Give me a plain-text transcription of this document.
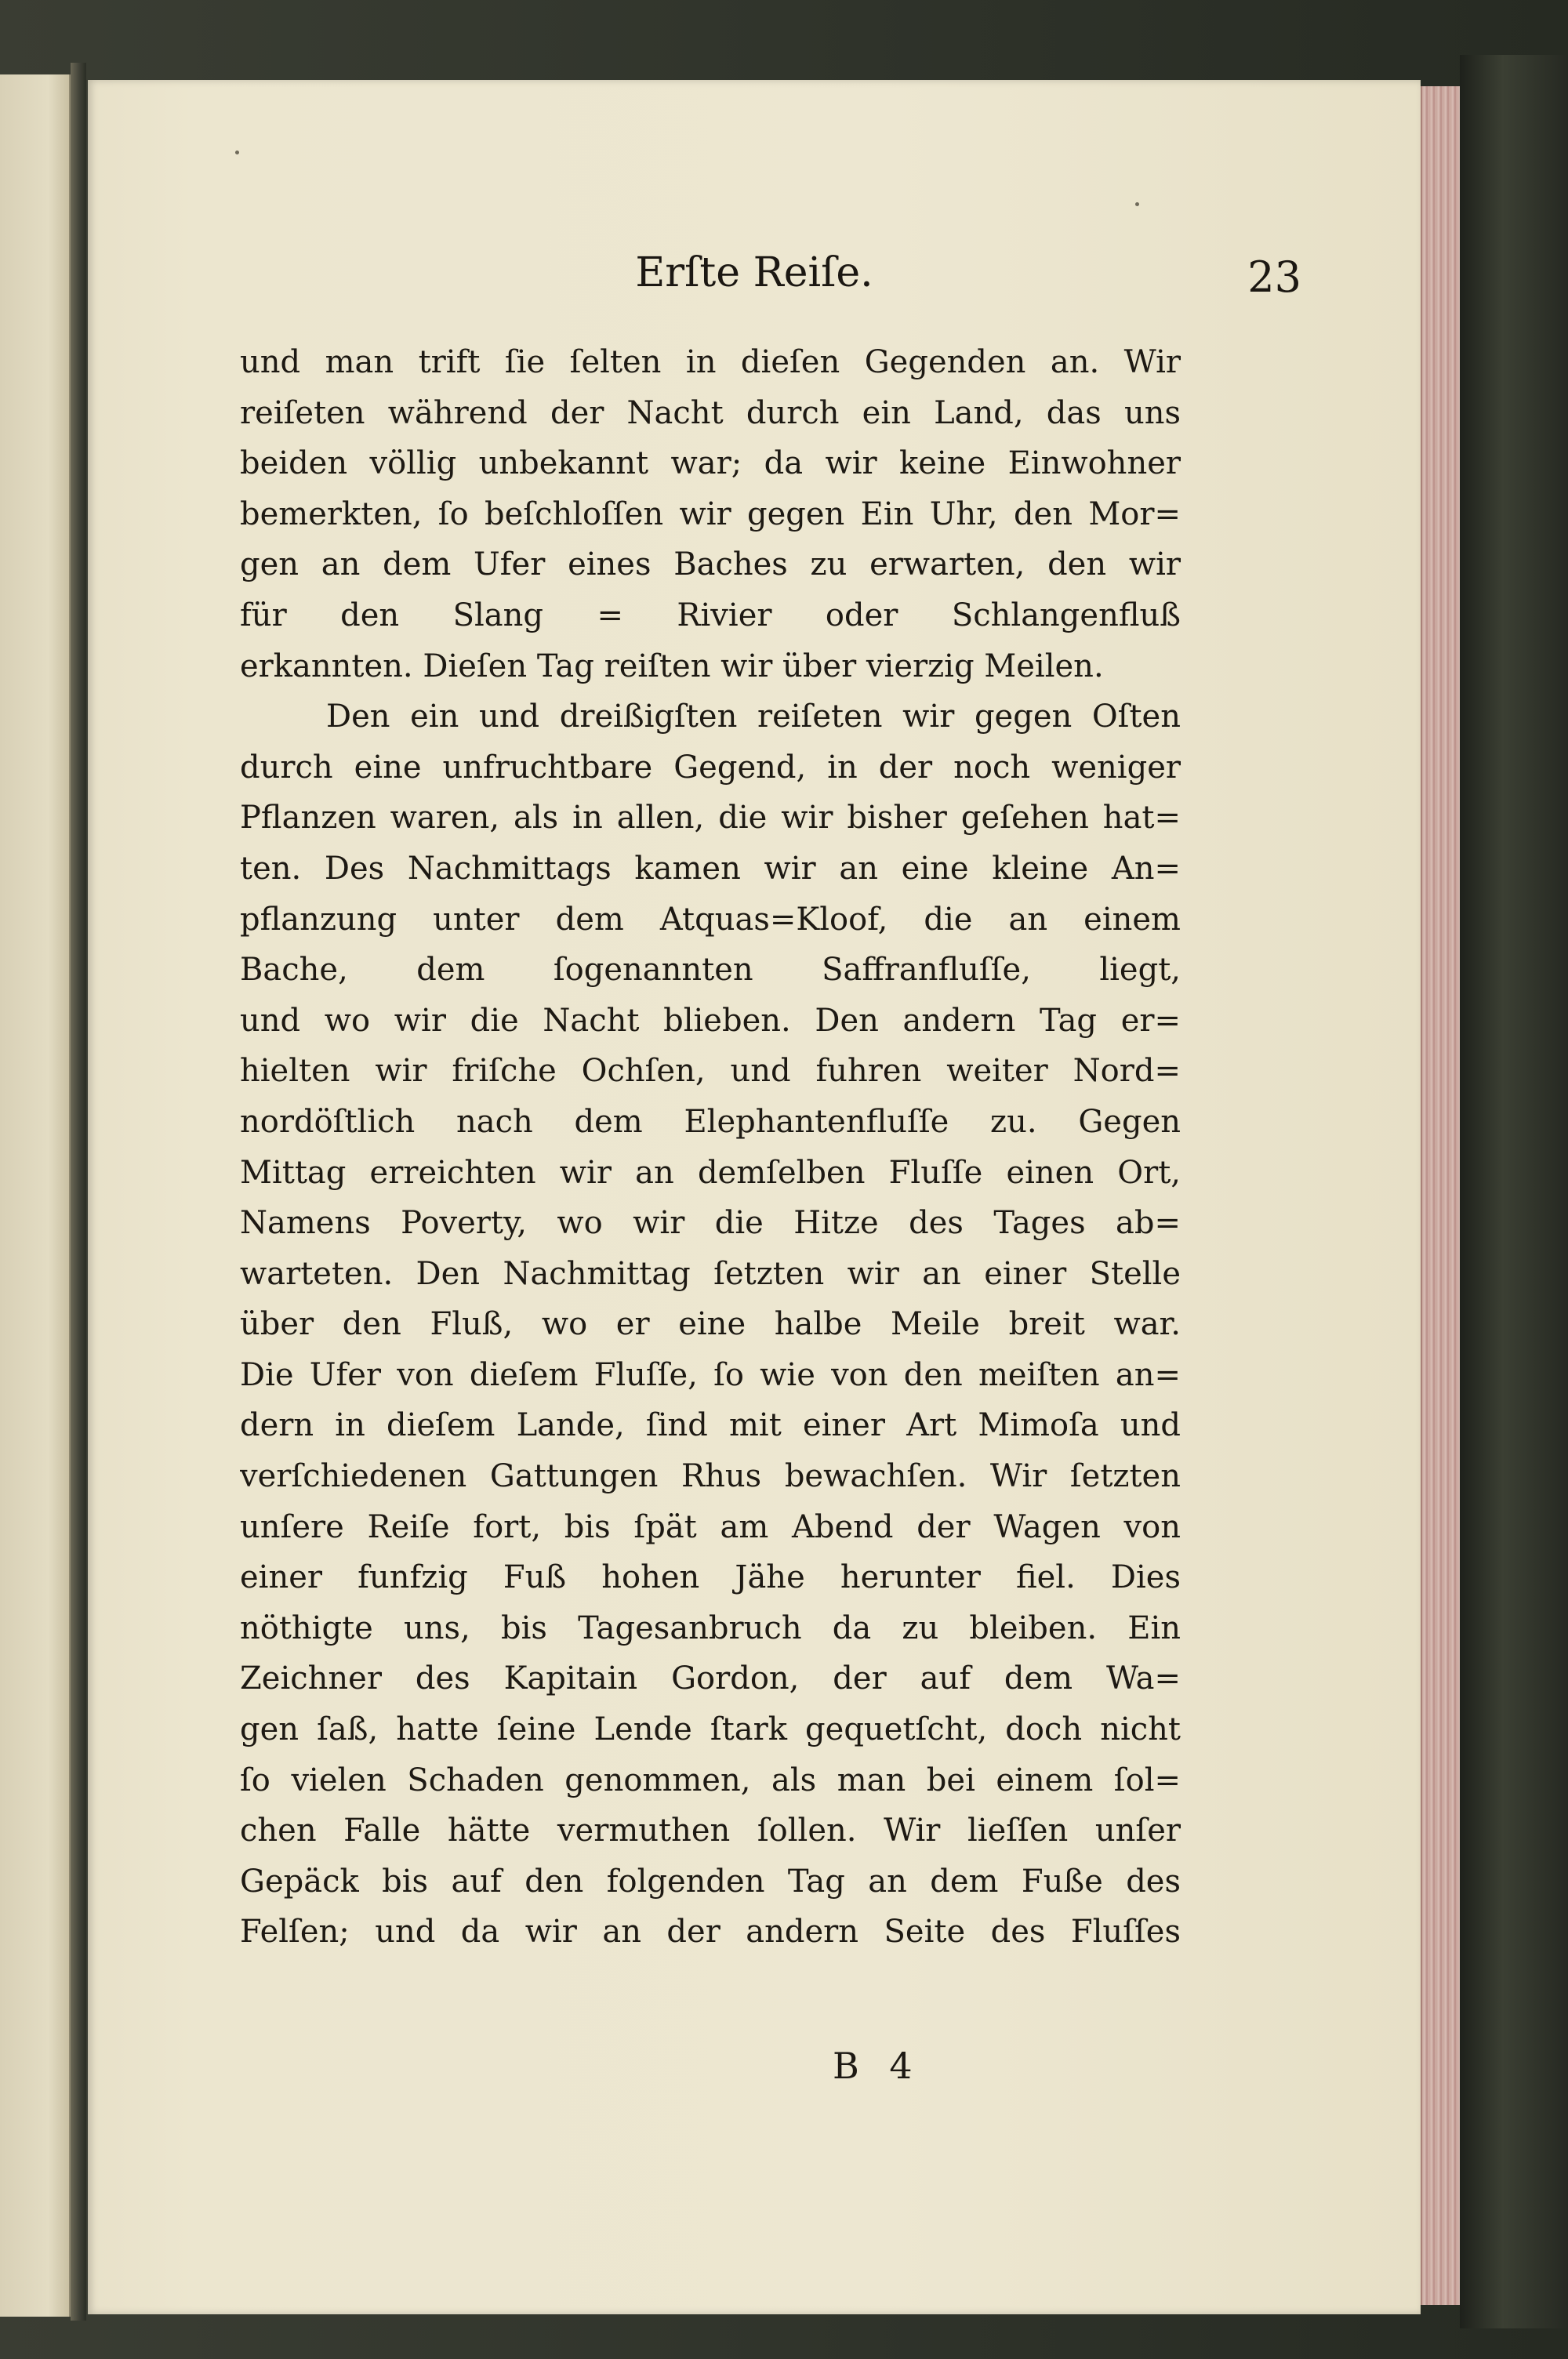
Erſte Reiſe.	23
und man trift ſie ſelten in dieſen Gegenden an. Wir
reiſeten während der Nacht durch ein Land, das uns
beiden völlig unbekannt war; da wir keine Einwohner
bemerkten, ſo beſchloſſen wir gegen Ein Uhr, den Mor=
gen an dem Ufer eines Baches zu erwarten, den wir
für den Slang = Rivier oder Schlangenfluß
erkannten. Dieſen Tag reiſten wir über vierzig Meilen.
Den ein und dreißigſten reiſeten wir gegen Oſten
durch eine unfruchtbare Gegend, in der noch weniger
Pflanzen waren, als in allen, die wir bisher geſehen hat=
ten. Des Nachmittags kamen wir an eine kleine An=
pflanzung unter dem Atquas=Kloof, die an einem
Bache, dem ſogenannten Saffranfluſſe, liegt,
und wo wir die Nacht blieben. Den andern Tag er=
hielten wir friſche Ochſen, und fuhren weiter Nord=
nordöſtlich nach dem Elephantenfluſſe zu. Gegen
Mittag erreichten wir an demſelben Fluſſe einen Ort,
Namens Poverty, wo wir die Hitze des Tages ab=
warteten. Den Nachmittag ſetzten wir an einer Stelle
über den Fluß, wo er eine halbe Meile breit war.
Die Ufer von dieſem Fluſſe, ſo wie von den meiſten an=
dern in dieſem Lande, ſind mit einer Art Mimoſa und
verſchiedenen Gattungen Rhus bewachſen. Wir ſetzten
unſere Reiſe fort, bis ſpät am Abend der Wagen von
einer funfzig Fuß hohen Jähe herunter fiel. Dies
nöthigte uns, bis Tagesanbruch da zu bleiben. Ein
Zeichner des Kapitain Gordon, der auf dem Wa=
gen ſaß, hatte ſeine Lende ſtark gequetſcht, doch nicht
ſo vielen Schaden genommen, als man bei einem ſol=
chen Falle hätte vermuthen ſollen. Wir lieſſen unſer
Gepäck bis auf den folgenden Tag an dem Fuße des
Felſen; und da wir an der andern Seite des Fluſſes
B 4
